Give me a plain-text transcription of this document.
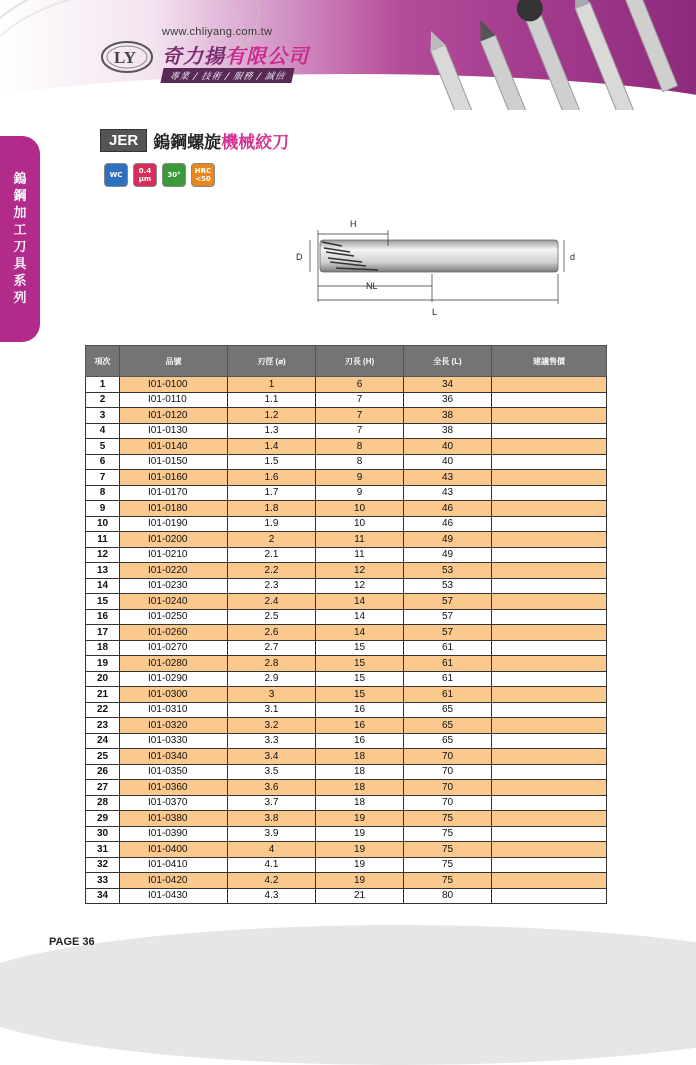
www.chliyang.com.tw
LY 奇力揚有限公司
專業 / 技術 / 服務 / 誠信
鎢
鋼
加
工
刀
具
系
列
JER 鎢鋼螺旋 機械絞刀
WC	0.4 μm	30°	HRC <50
H
D	d
NL
L
項次	品號	刃徑 (⌀)	刃長 (H)	全長 (L)	建議售價
1	I01-0100	1	6	34	
2	I01-0110	1.1	7	36	
3	I01-0120	1.2	7	38	
4	I01-0130	1.3	7	38	
5	I01-0140	1.4	8	40	
6	I01-0150	1.5	8	40	
7	I01-0160	1.6	9	43	
8	I01-0170	1.7	9	43	
9	I01-0180	1.8	10	46	
10	I01-0190	1.9	10	46	
11	I01-0200	2	11	49	
12	I01-0210	2.1	11	49	
13	I01-0220	2.2	12	53	
14	I01-0230	2.3	12	53	
15	I01-0240	2.4	14	57	
16	I01-0250	2.5	14	57	
17	I01-0260	2.6	14	57	
18	I01-0270	2.7	15	61	
19	I01-0280	2.8	15	61	
20	I01-0290	2.9	15	61	
21	I01-0300	3	15	61	
22	I01-0310	3.1	16	65	
23	I01-0320	3.2	16	65	
24	I01-0330	3.3	16	65	
25	I01-0340	3.4	18	70	
26	I01-0350	3.5	18	70	
27	I01-0360	3.6	18	70	
28	I01-0370	3.7	18	70	
29	I01-0380	3.8	19	75	
30	I01-0390	3.9	19	75	
31	I01-0400	4	19	75	
32	I01-0410	4.1	19	75	
33	I01-0420	4.2	19	75	
34	I01-0430	4.3	21	80	
PAGE 36
